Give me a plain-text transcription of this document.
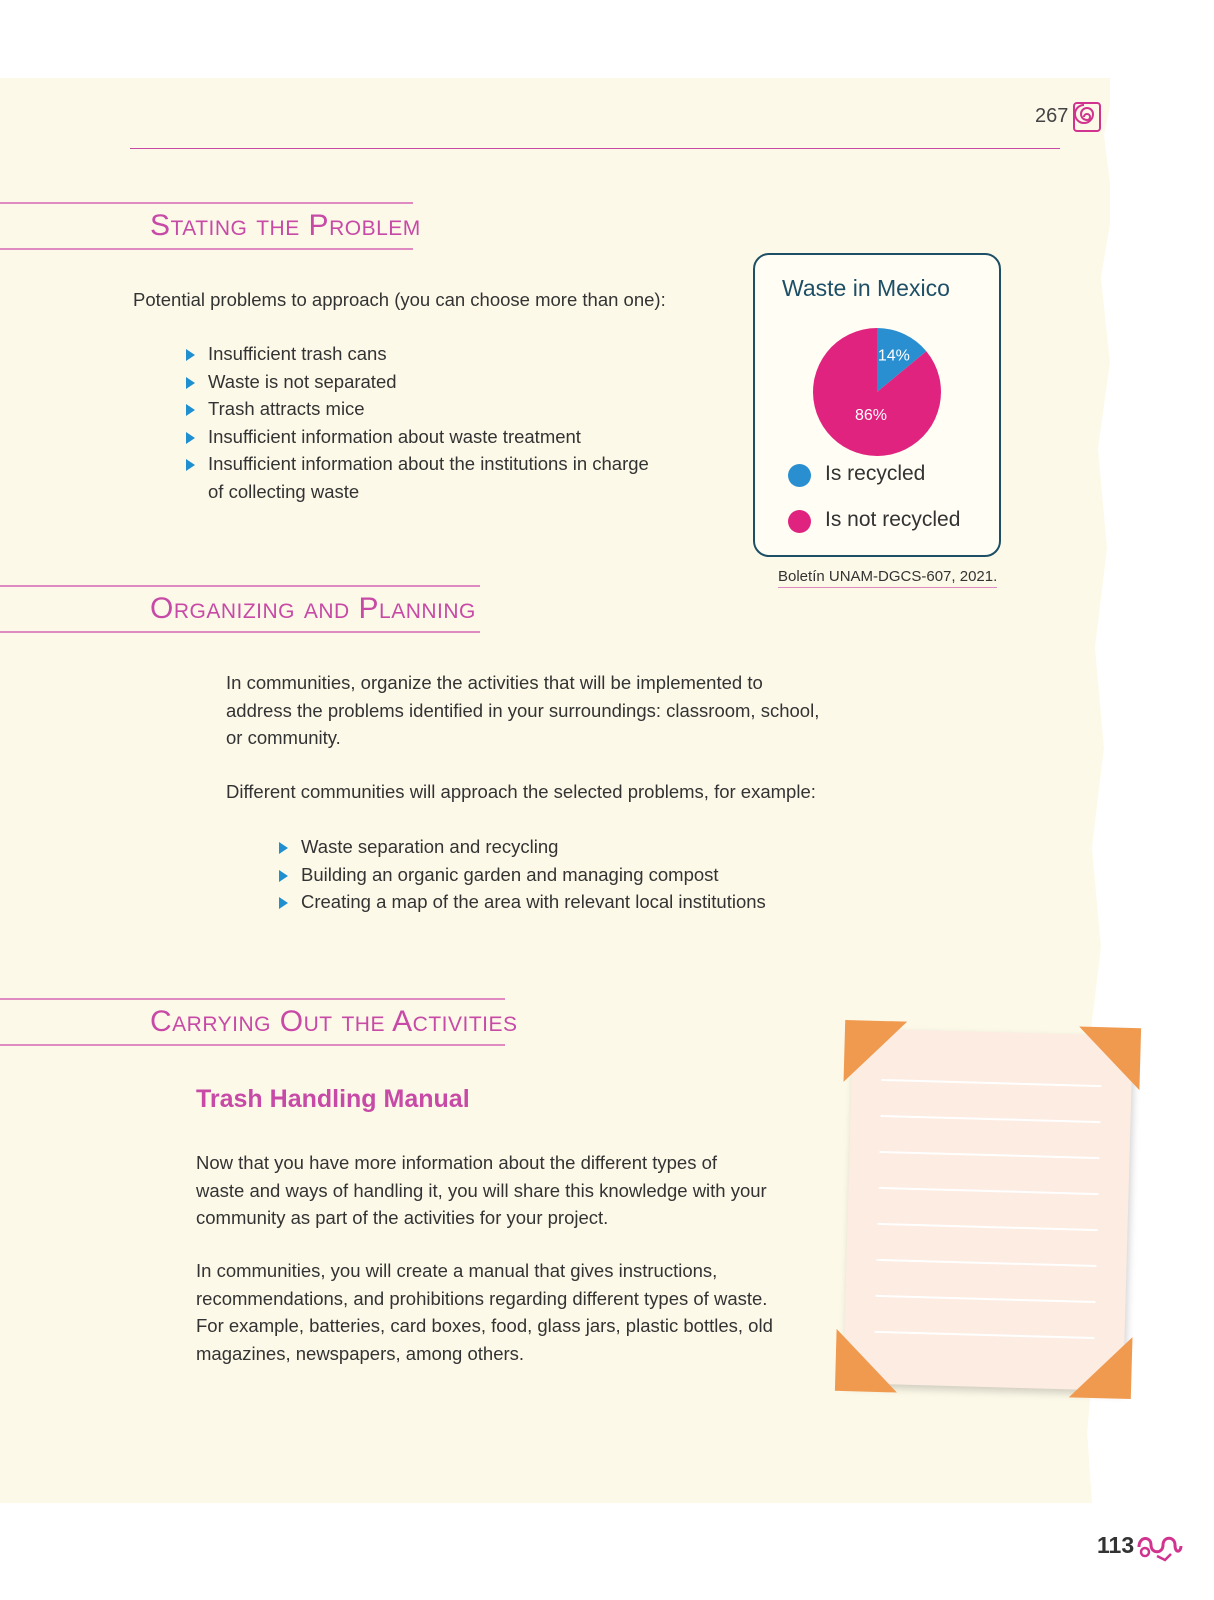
267
Stating the Problem
Potential problems to approach (you can choose more than one):
Insufficient trash cans
Waste is not separated
Trash attracts mice
Insufficient information about waste treatment
Insufficient information about the institutions in charge
of collecting waste
Waste in Mexico
14%
86%
Is recycled
Is not recycled
Boletín UNAM-DGCS-607, 2021.
Organizing and Planning
In communities, organize the activities that will be implemented to
address the problems identified in your surroundings: classroom, school,
or community.
Different communities will approach the selected problems, for example:
Waste separation and recycling
Building an organic garden and managing compost
Creating a map of the area with relevant local institutions
Carrying Out the Activities
Trash Handling Manual
Now that you have more information about the different types of
waste and ways of handling it, you will share this knowledge with your
community as part of the activities for your project.
In communities, you will create a manual that gives instructions,
recommendations, and prohibitions regarding different types of waste.
For example, batteries, card boxes, food, glass jars, plastic bottles, old
magazines, newspapers, among others.
113
